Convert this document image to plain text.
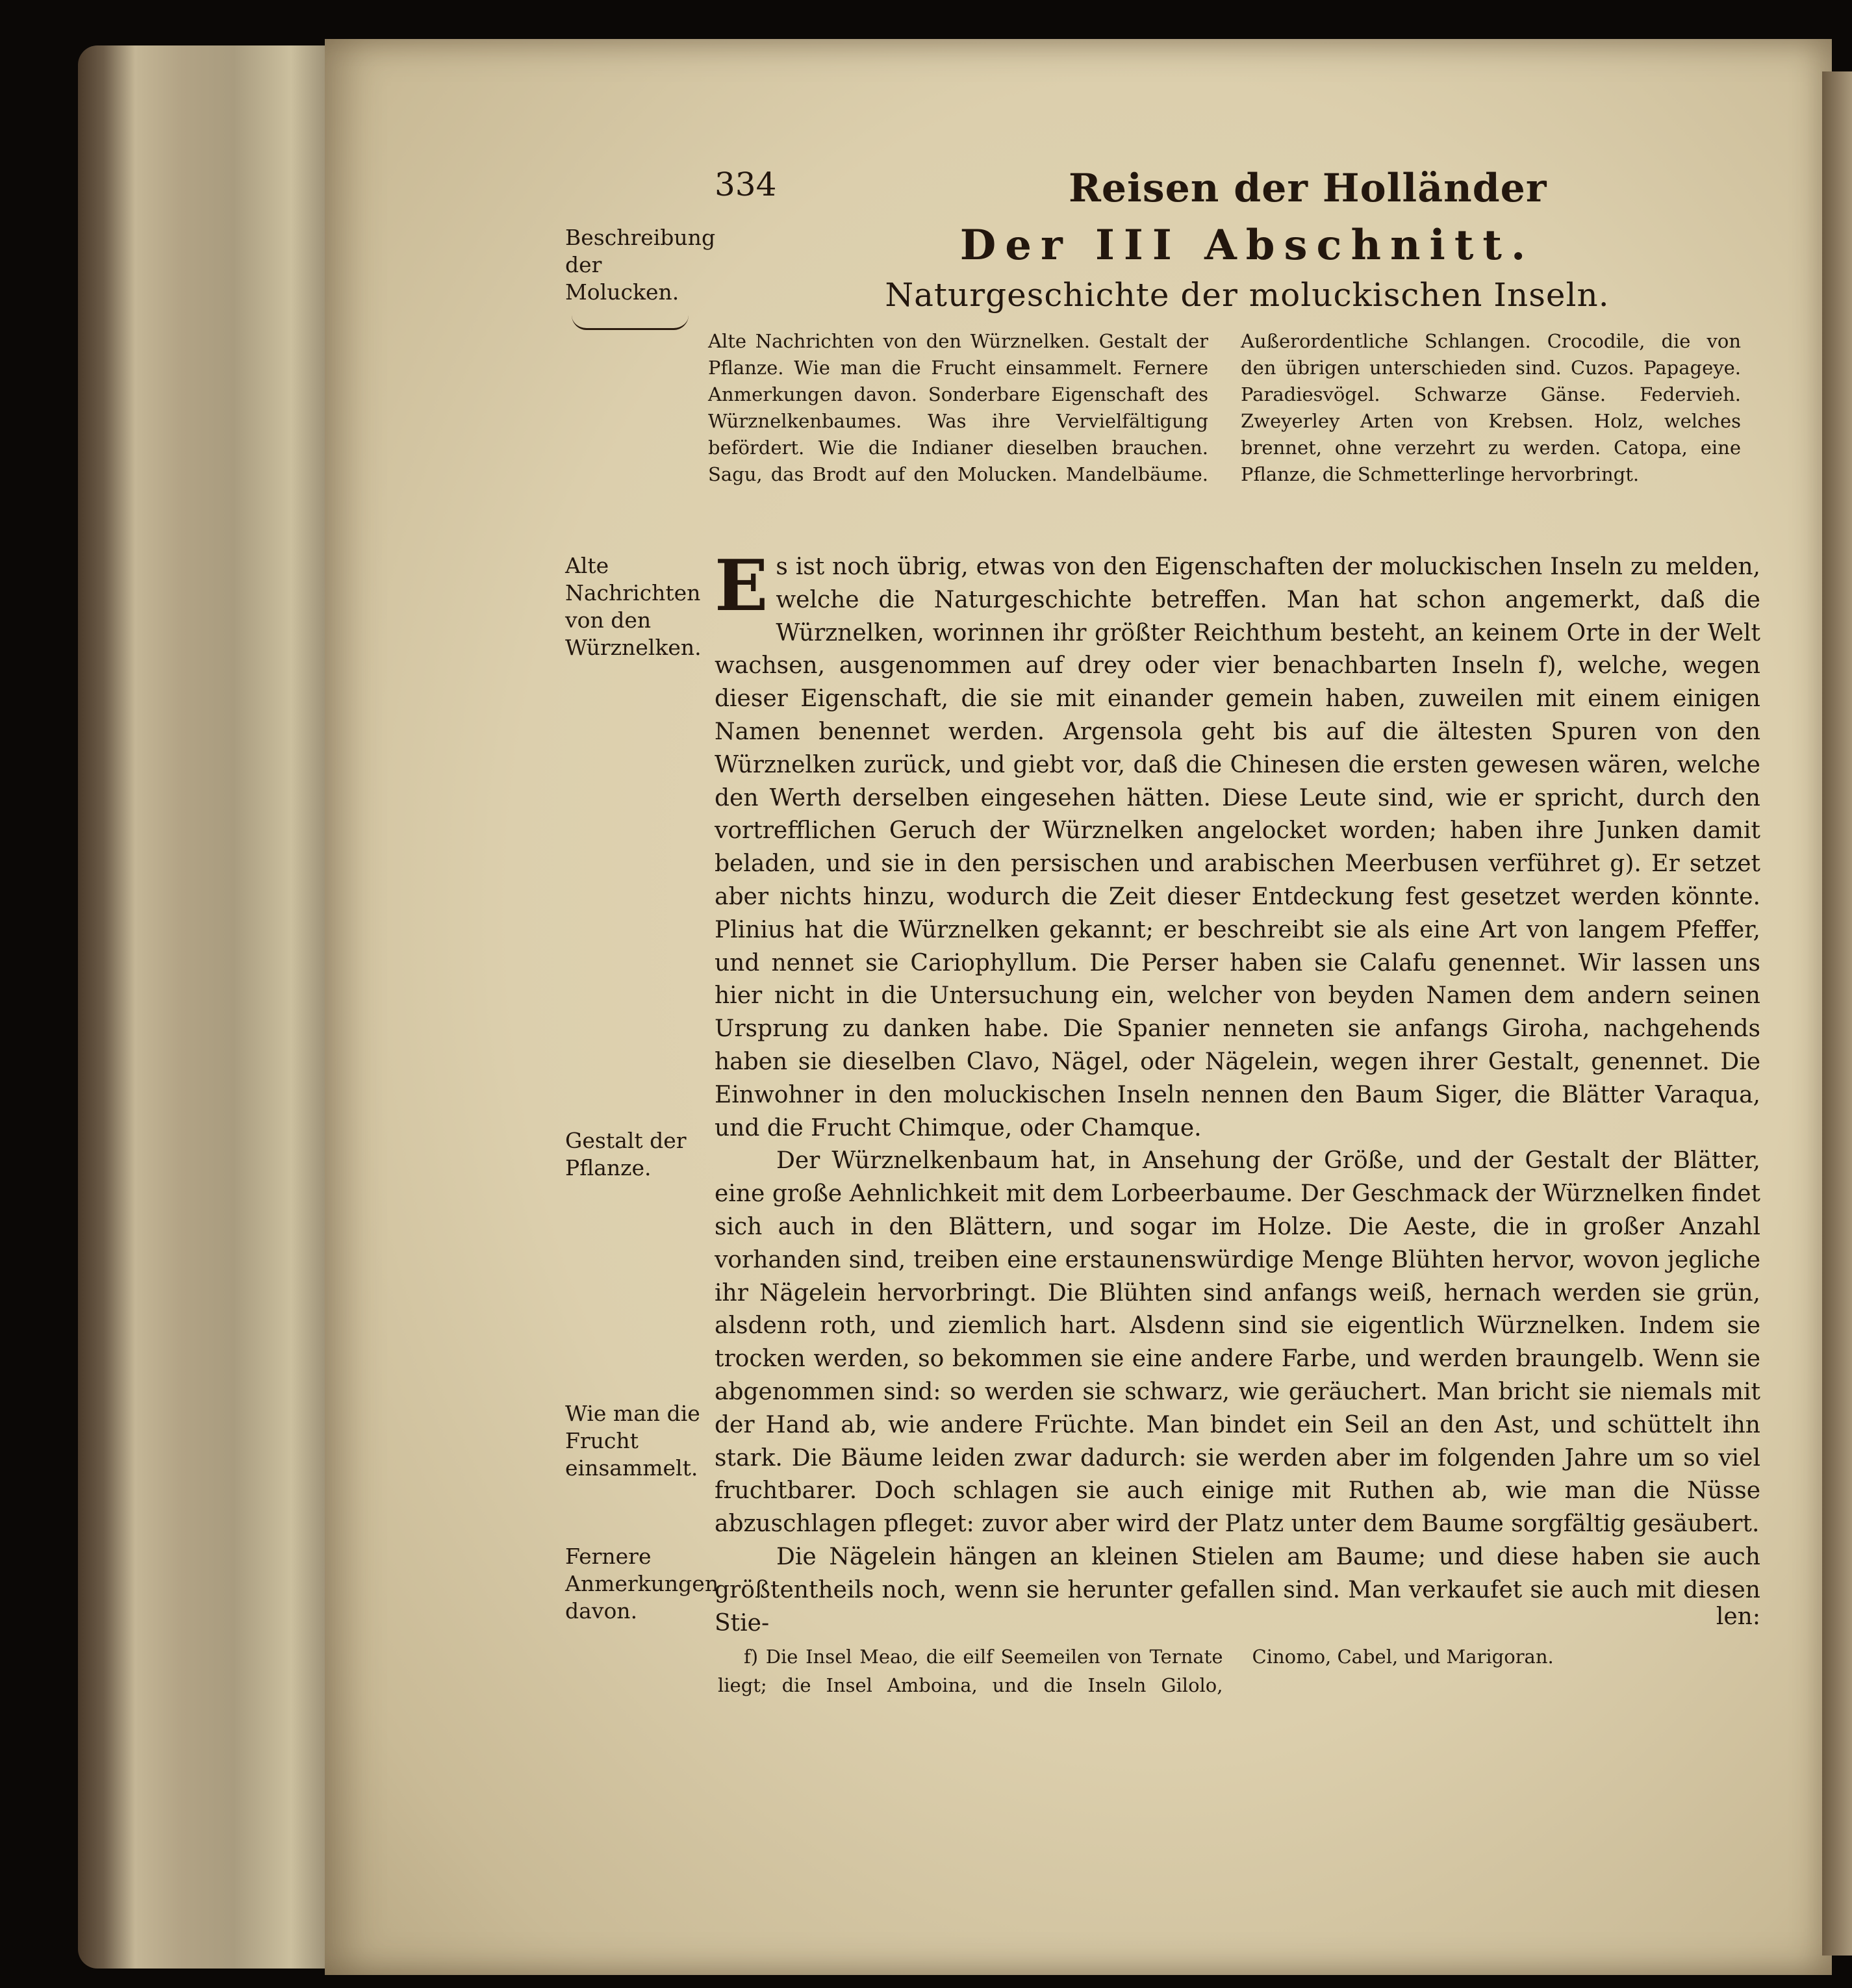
334	Reisen der Holländer
Der III Abschnitt.
Naturgeschichte der moluckischen Inseln.
Beschreibung der Molucken.
Alte Nachrichten von den Würznelken. Gestalt der Pflanze. Wie man die Frucht einsammelt. Fernere Anmerkungen davon. Sonderbare Eigenschaft des Würznelkenbaumes. Was ihre Vervielfältigung befördert. Wie die Indianer dieselben brauchen. Sagu, das Brodt auf den Molucken. Mandelbäume. Außerordentliche Schlangen. Crocodile, die von den übrigen unterschieden sind. Cuzos. Papageye. Paradiesvögel. Schwarze Gänse. Federvieh. Zweyerley Arten von Krebsen. Holz, welches brennet, ohne verzehrt zu werden. Catopa, eine Pflanze, die Schmetterlinge hervorbringt.
Alte Nachrichten von den Würznelken.
Gestalt der Pflanze.
Wie man die Frucht einsammelt.
Fernere Anmerkungen davon.

Es ist noch übrig, etwas von den Eigenschaften der moluckischen Inseln zu melden, welche die Naturgeschichte betreffen. Man hat schon angemerkt, daß die Würznelken, worinnen ihr größter Reichthum besteht, an keinem Orte in der Welt wachsen, ausgenommen auf drey oder vier benachbarten Inseln f), welche, wegen dieser Eigenschaft, die sie mit einander gemein haben, zuweilen mit einem einigen Namen benennet werden. Argensola geht bis auf die ältesten Spuren von den Würznelken zurück, und giebt vor, daß die Chinesen die ersten gewesen wären, welche den Werth derselben eingesehen hätten. Diese Leute sind, wie er spricht, durch den vortrefflichen Geruch der Würznelken angelocket worden; haben ihre Junken damit beladen, und sie in den persischen und arabischen Meerbusen verführet g). Er setzet aber nichts hinzu, wodurch die Zeit dieser Entdeckung fest gesetzet werden könnte. Plinius hat die Würznelken gekannt; er beschreibt sie als eine Art von langem Pfeffer, und nennet sie Cariophyllum. Die Perser haben sie Calafu genennet. Wir lassen uns hier nicht in die Untersuchung ein, welcher von beyden Namen dem andern seinen Ursprung zu danken habe. Die Spanier nenneten sie anfangs Giroha, nachgehends haben sie dieselben Clavo, Nägel, oder Nägelein, wegen ihrer Gestalt, genennet. Die Einwohner in den moluckischen Inseln nennen den Baum Siger, die Blätter Varaqua, und die Frucht Chimque, oder Chamque.

Der Würznelkenbaum hat, in Ansehung der Größe, und der Gestalt der Blätter, eine große Aehnlichkeit mit dem Lorbeerbaume. Der Geschmack der Würznelken findet sich auch in den Blättern, und sogar im Holze. Die Aeste, die in großer Anzahl vorhanden sind, treiben eine erstaunenswürdige Menge Blühten hervor, wovon jegliche ihr Nägelein hervorbringt. Die Blühten sind anfangs weiß, hernach werden sie grün, alsdenn roth, und ziemlich hart. Alsdenn sind sie eigentlich Würznelken. Indem sie trocken werden, so bekommen sie eine andere Farbe, und werden braungelb. Wenn sie abgenommen sind: so werden sie schwarz, wie geräuchert. Man bricht sie niemals mit der Hand ab, wie andere Früchte. Man bindet ein Seil an den Ast, und schüttelt ihn stark. Die Bäume leiden zwar dadurch: sie werden aber im folgenden Jahre um so viel fruchtbarer. Doch schlagen sie auch einige mit Ruthen ab, wie man die Nüsse abzuschlagen pfleget: zuvor aber wird der Platz unter dem Baume sorgfältig gesäubert.

Die Nägelein hängen an kleinen Stielen am Baume; und diese haben sie auch größtentheils noch, wenn sie herunter gefallen sind. Man verkaufet sie auch mit diesen Stie-	len:
f) Die Insel Meao, die eilf Seemeilen von Ternate liegt; die Insel Amboina, und die Inseln Gilolo, Cinomo, Cabel, und Marigoran.
